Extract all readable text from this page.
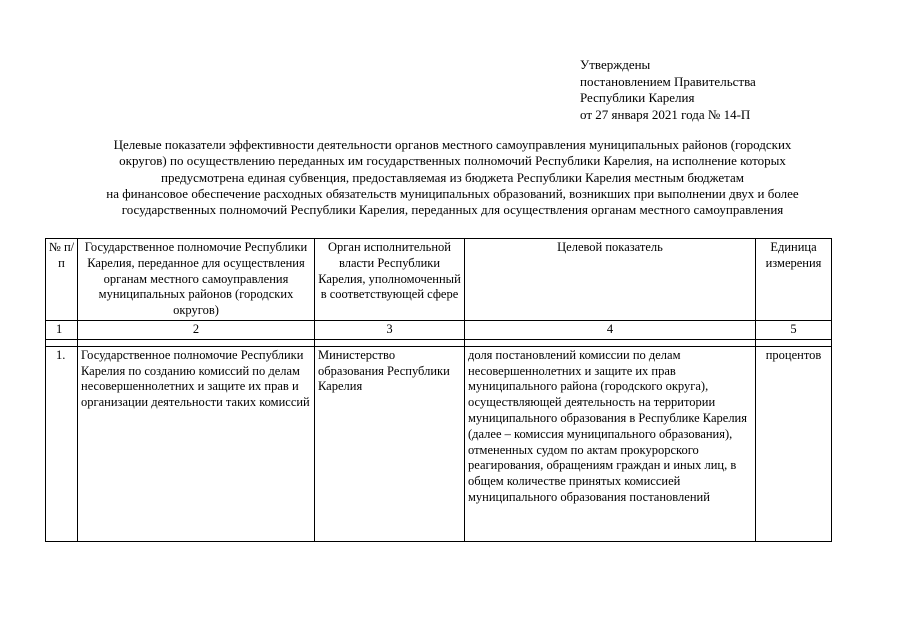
Утверждены
постановлением Правительства
Республики Карелия
от 27 января 2021 года № 14-П
Целевые показатели эффективности деятельности органов местного самоуправления муниципальных районов (городских
округов) по осуществлению переданных им государственных полномочий Республики Карелия, на исполнение которых
предусмотрена единая субвенция, предоставляемая из бюджета Республики Карелия местным бюджетам
на финансовое обеспечение расходных обязательств муниципальных образований, возникших при выполнении двух и более
государственных полномочий Республики Карелия, переданных для осуществления органам местного самоуправления
№ п/п	Государственное полномочие Республики Карелия, переданное для осуществления органам местного самоуправления муниципальных районов (городских округов)	Орган исполнительной власти Республики Карелия, уполномоченный в соответствующей сфере	Целевой показатель	Единица измерения
1	2	3	4	5

1.	Государственное полномочие Республики Карелия по созданию комиссий по делам несовершеннолетних и защите их прав и организации деятельности таких комиссий	Министерство образования Республики Карелия	доля постановлений комиссии по делам несовершеннолетних и защите их прав муниципального района (городского округа), осуществляющей деятельность на территории муниципального образования в Республике Карелия (далее – комиссия муниципального образования), отмененных судом по актам прокурорского реагирования, обращениям граждан и иных лиц, в общем количестве принятых комиссией муниципального образования постановлений	процентов
